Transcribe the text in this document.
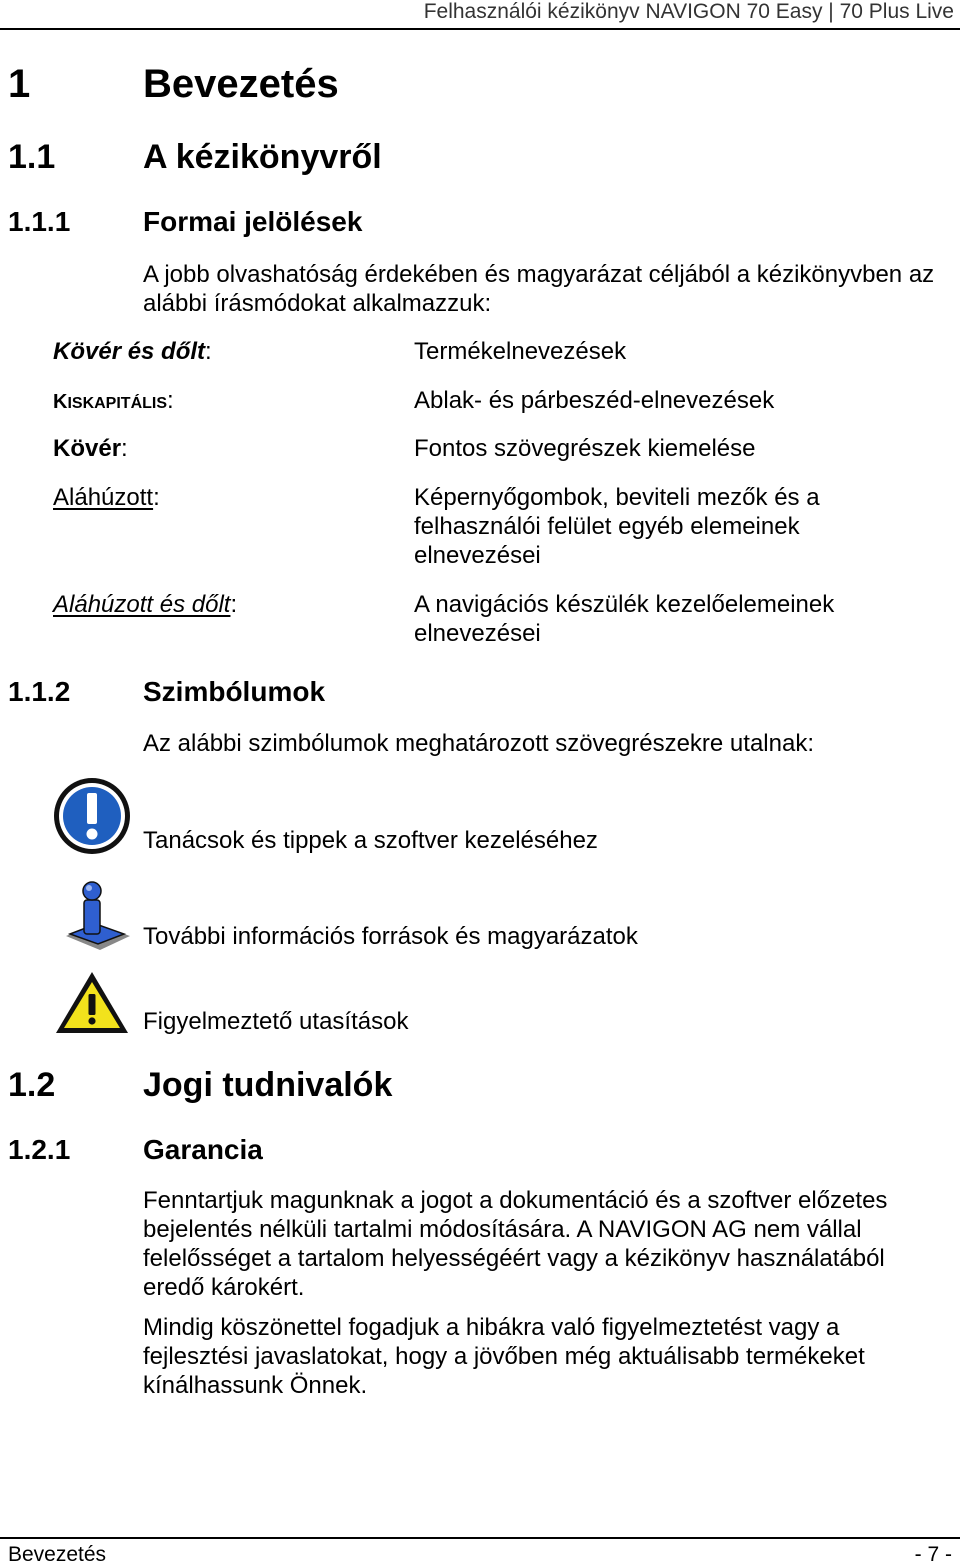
Felhasználói kézikönyv NAVIGON 70 Easy | 70 Plus Live
1	Bevezetés
1.1	A kézikönyvről
1.1.1	Formai jelölések
A jobb olvashatóság érdekében és magyarázat céljából a kézikönyvben az alábbi írásmódokat alkalmazzuk:
Kövér és dőlt:	Termékelnevezések
KISKAPITÁLIS:	Ablak- és párbeszéd-elnevezések
Kövér:	Fontos szövegrészek kiemelése
Aláhúzott:	Képernyőgombok, beviteli mezők és a felhasználói felület egyéb elemeinek elnevezései
Aláhúzott és dőlt:	A navigációs készülék kezelőelemeinek elnevezései
1.1.2	Szimbólumok
Az alábbi szimbólumok meghatározott szövegrészekre utalnak:
Tanácsok és tippek a szoftver kezeléséhez
További információs források és magyarázatok
Figyelmeztető utasítások
1.2	Jogi tudnivalók
1.2.1	Garancia
Fenntartjuk magunknak a jogot a dokumentáció és a szoftver előzetes bejelentés nélküli tartalmi módosítására. A NAVIGON AG nem vállal felelősséget a tartalom helyességéért vagy a kézikönyv használatából eredő károkért.
Mindig köszönettel fogadjuk a hibákra való figyelmeztetést vagy a fejlesztési javaslatokat, hogy a jövőben még aktuálisabb termékeket kínálhassunk Önnek.
Bevezetés	- 7 -
